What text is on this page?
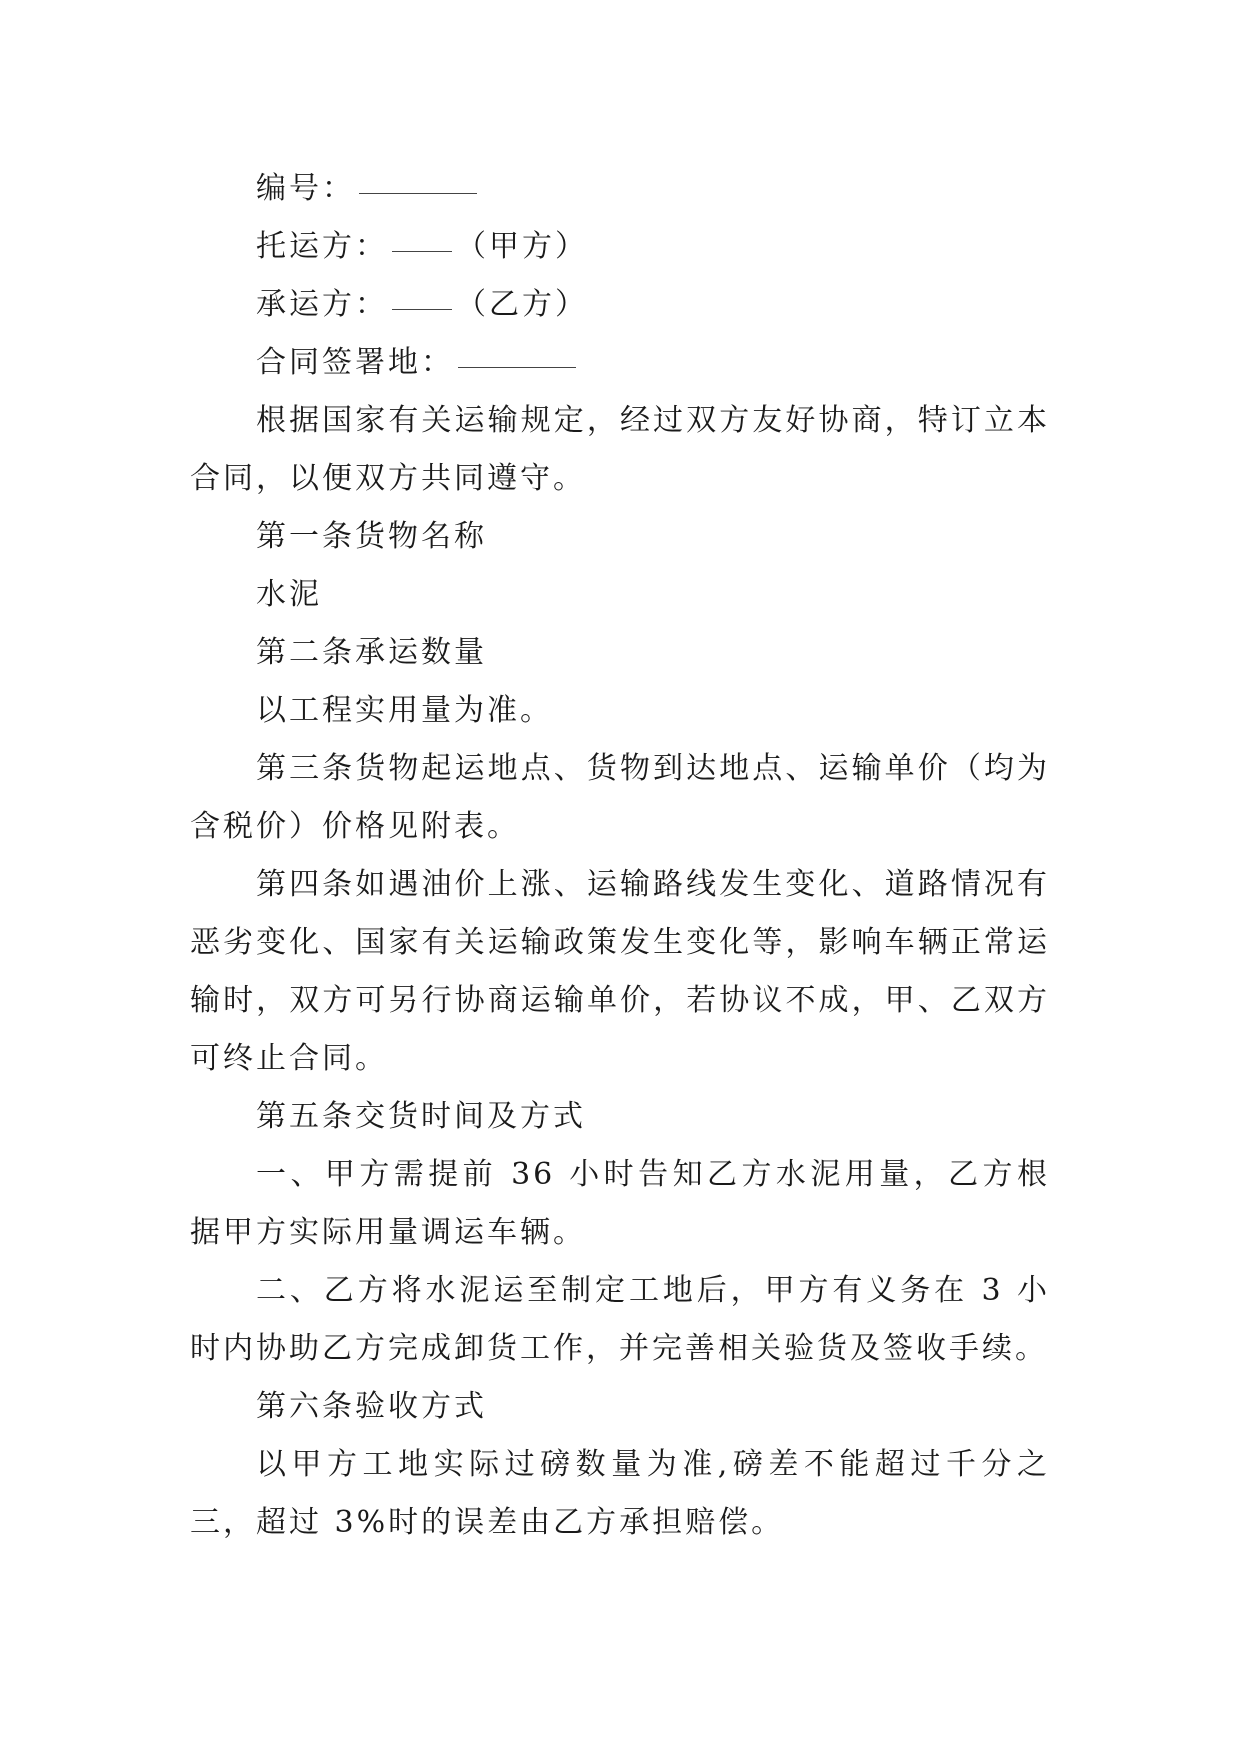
编号：
托运方： （甲方）
承运方： （乙方）
合同签署地：
根据国家有关运输规定，经过双方友好协商，特订立本合同，以便双方共同遵守。
第一条货物名称
水泥
第二条承运数量
以工程实用量为准。
第三条货物起运地点、货物到达地点、运输单价（均为含税价）价格见附表。
第四条如遇油价上涨、运输路线发生变化、道路情况有恶劣变化、国家有关运输政策发生变化等，影响车辆正常运输时，双方可另行协商运输单价，若协议不成，甲、乙双方可终止合同。
第五条交货时间及方式
一、甲方需提前 36 小时告知乙方水泥用量，乙方根据甲方实际用量调运车辆。
二、乙方将水泥运至制定工地后，甲方有义务在 3 小时内协助乙方完成卸货工作，并完善相关验货及签收手续。
第六条验收方式
以甲方工地实际过磅数量为准,磅差不能超过千分之三，超过 3%时的误差由乙方承担赔偿。
